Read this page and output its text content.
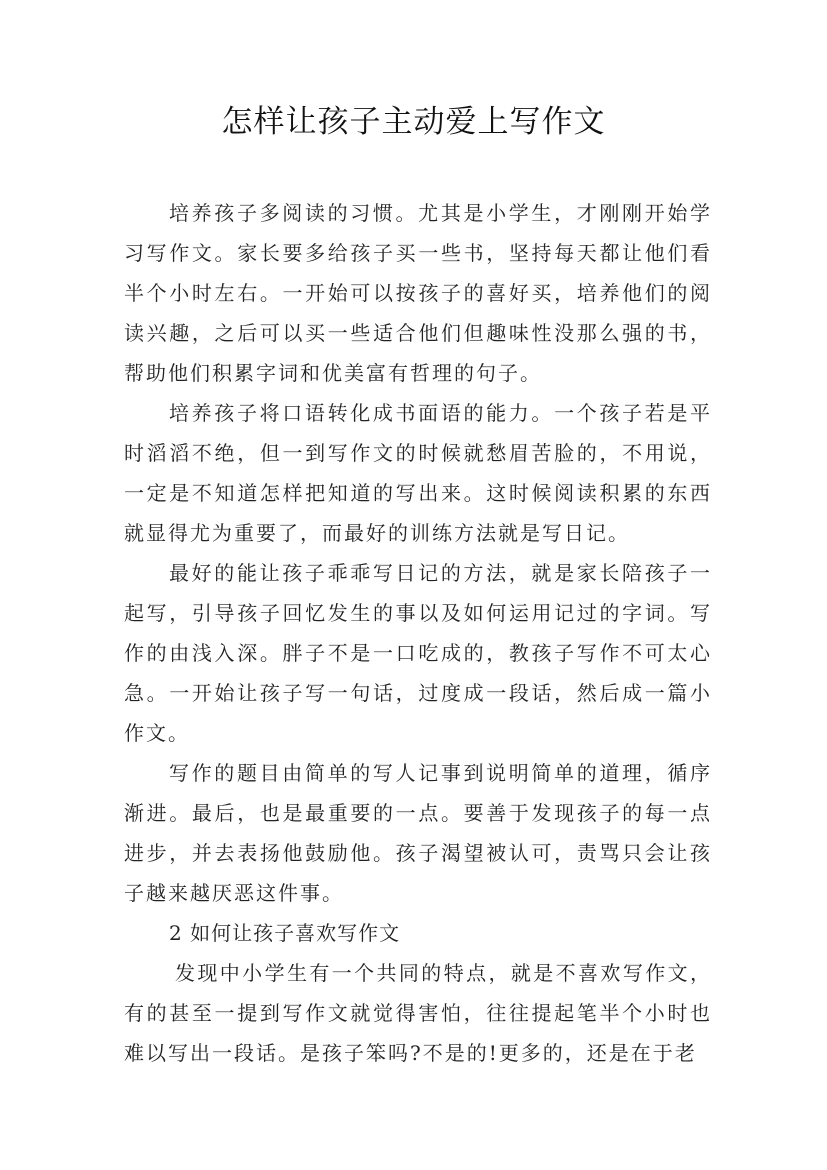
怎样让孩子主动爱上写作文

培养孩子多阅读的习惯。尤其是小学生，才刚刚开始学习写作文。家长要多给孩子买一些书，坚持每天都让他们看半个小时左右。一开始可以按孩子的喜好买，培养他们的阅读兴趣，之后可以买一些适合他们但趣味性没那么强的书，帮助他们积累字词和优美富有哲理的句子。

培养孩子将口语转化成书面语的能力。一个孩子若是平时滔滔不绝，但一到写作文的时候就愁眉苦脸的，不用说，一定是不知道怎样把知道的写出来。这时候阅读积累的东西就显得尤为重要了，而最好的训练方法就是写日记。

最好的能让孩子乖乖写日记的方法，就是家长陪孩子一起写，引导孩子回忆发生的事以及如何运用记过的字词。写作的由浅入深。胖子不是一口吃成的，教孩子写作不可太心急。一开始让孩子写一句话，过度成一段话，然后成一篇小作文。

写作的题目由简单的写人记事到说明简单的道理，循序渐进。最后，也是最重要的一点。要善于发现孩子的每一点进步，并去表扬他鼓励他。孩子渴望被认可，责骂只会让孩子越来越厌恶这件事。

2 如何让孩子喜欢写作文

发现中小学生有一个共同的特点，就是不喜欢写作文，有的甚至一提到写作文就觉得害怕，往往提起笔半个小时也难以写出一段话。是孩子笨吗?不是的!更多的，还是在于老
